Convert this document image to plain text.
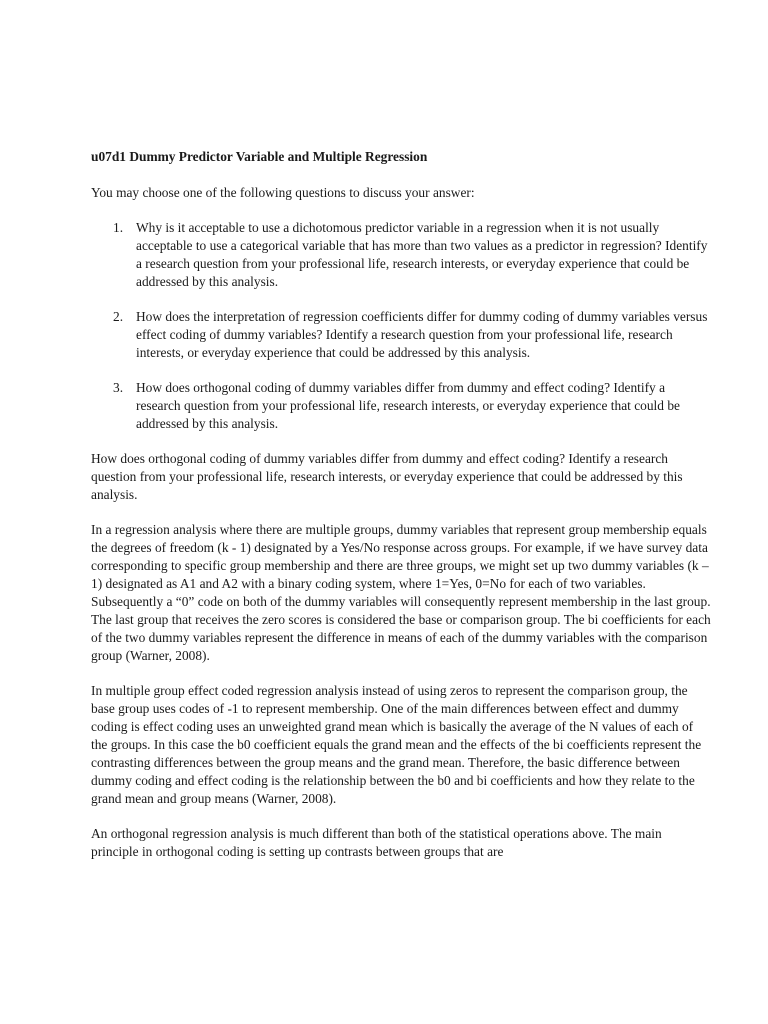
u07d1 Dummy Predictor Variable and Multiple Regression

You may choose one of the following questions to discuss your answer:

1. Why is it acceptable to use a dichotomous predictor variable in a regression when it is not usually acceptable to use a categorical variable that has more than two values as a predictor in regression? Identify a research question from your professional life, research interests, or everyday experience that could be addressed by this analysis.
2. How does the interpretation of regression coefficients differ for dummy coding of dummy variables versus effect coding of dummy variables? Identify a research question from your professional life, research interests, or everyday experience that could be addressed by this analysis.
3. How does orthogonal coding of dummy variables differ from dummy and effect coding? Identify a research question from your professional life, research interests, or everyday experience that could be addressed by this analysis.

How does orthogonal coding of dummy variables differ from dummy and effect coding? Identify a research question from your professional life, research interests, or everyday experience that could be addressed by this analysis.

In a regression analysis where there are multiple groups, dummy variables that represent group membership equals the degrees of freedom (k - 1) designated by a Yes/No response across groups. For example, if we have survey data corresponding to specific group membership and there are three groups, we might set up two dummy variables (k – 1) designated as A1 and A2 with a binary coding system, where 1=Yes, 0=No for each of two variables. Subsequently a “0” code on both of the dummy variables will consequently represent membership in the last group. The last group that receives the zero scores is considered the base or comparison group. The bi coefficients for each of the two dummy variables represent the difference in means of each of the dummy variables with the comparison group (Warner, 2008).

In multiple group effect coded regression analysis instead of using zeros to represent the comparison group, the base group uses codes of -1 to represent membership. One of the main differences between effect and dummy coding is effect coding uses an unweighted grand mean which is basically the average of the N values of each of the groups. In this case the b0 coefficient equals the grand mean and the effects of the bi coefficients represent the contrasting differences between the group means and the grand mean. Therefore, the basic difference between dummy coding and effect coding is the relationship between the b0 and bi coefficients and how they relate to the grand mean and group means (Warner, 2008).

An orthogonal regression analysis is much different than both of the statistical operations above. The main principle in orthogonal coding is setting up contrasts between groups that are
